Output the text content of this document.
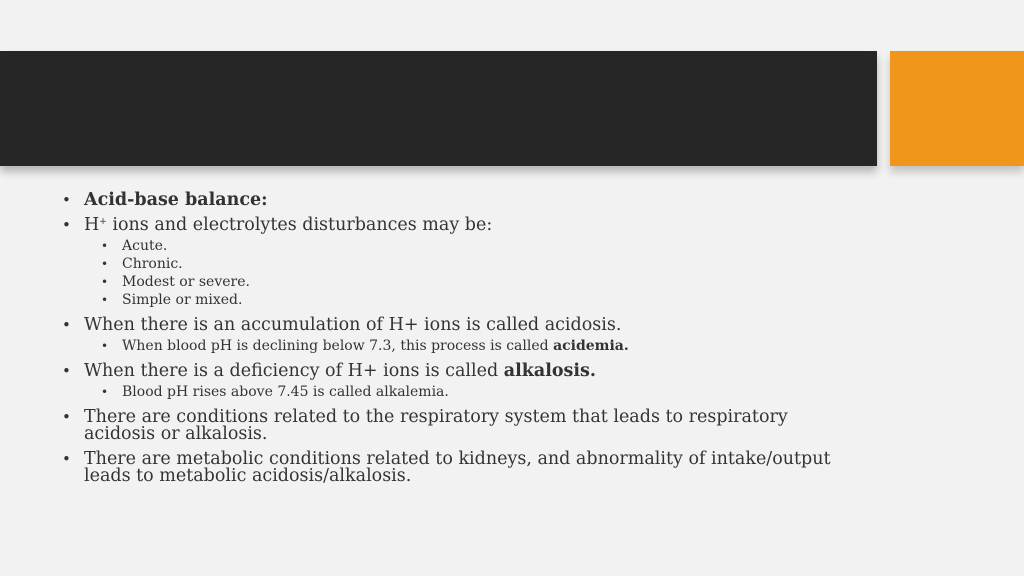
• Acid-base balance:
• H+ ions and electrolytes disturbances may be:
• Acute.
• Chronic.
• Modest or severe.
• Simple or mixed.
• When there is an accumulation of H+ ions is called acidosis.
• When blood pH is declining below 7.3, this process is called acidemia.
• When there is a deficiency of H+ ions is called alkalosis.
• Blood pH rises above 7.45 is called alkalemia.
• There are conditions related to the respiratory system that leads to respiratory acidosis or alkalosis.
• There are metabolic conditions related to kidneys, and abnormality of intake/output leads to metabolic acidosis/alkalosis.
